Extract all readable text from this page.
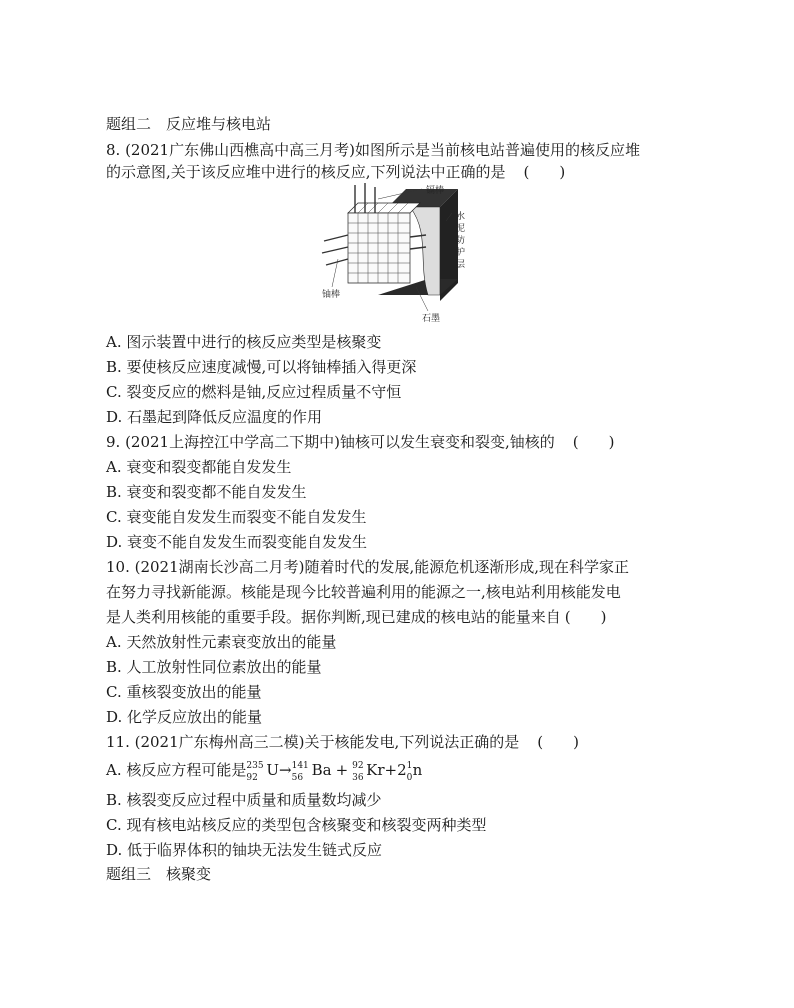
题组二　反应堆与核电站
8. (2021广东佛山西樵高中高三月考)如图所示是当前核电站普遍使用的核反应堆
的示意图,关于该反应堆中进行的核反应,下列说法中正确的是 (　　)
镉棒
水
泥
防
护
层
铀棒
石墨
A. 图示装置中进行的核反应类型是核聚变
B. 要使核反应速度减慢,可以将铀棒插入得更深
C. 裂变反应的燃料是铀,反应过程质量不守恒
D. 石墨起到降低反应温度的作用
9. (2021上海控江中学高二下期中)铀核可以发生衰变和裂变,铀核的 (　　)
A. 衰变和裂变都能自发发生
B. 衰变和裂变都不能自发发生
C. 衰变能自发发生而裂变不能自发发生
D. 衰变不能自发发生而裂变能自发发生
10. (2021湖南长沙高二月考)随着时代的发展,能源危机逐渐形成,现在科学家正
在努力寻找新能源。核能是现今比较普遍利用的能源之一,核电站利用核能发电
是人类利用核能的重要手段。据你判断,现已建成的核电站的能量来自 (　　)
A. 天然放射性元素衰变放出的能量
B. 人工放射性同位素放出的能量
C. 重核裂变放出的能量
D. 化学反应放出的能量
11. (2021广东梅州高三二模)关于核能发电,下列说法正确的是 (　　)
A. 核反应方程可能是 235
92 U→ 141
56 Ba + 92
36 Kr+2 1
0 n
B. 核裂变反应过程中质量和质量数均减少
C. 现有核电站核反应的类型包含核聚变和核裂变两种类型
D. 低于临界体积的铀块无法发生链式反应
题组三　核聚变
